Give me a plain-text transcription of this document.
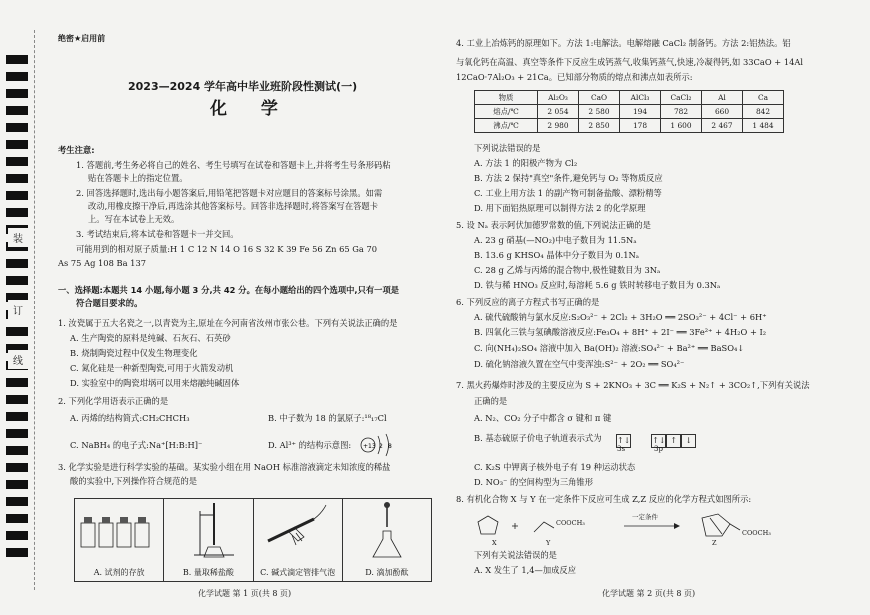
装
订
线
绝密★启用前
2023—2024 学年高中毕业班阶段性测试(一)
化 学
考生注意:
1. 答题前,考生务必将自己的姓名、考生号填写在试卷和答题卡上,并将考生号条形码粘
贴在答题卡上的指定位置。
2. 回答选择题时,选出每小题答案后,用铅笔把答题卡对应题目的答案标号涂黑。如需
改动,用橡皮擦干净后,再选涂其他答案标号。回答非选择题时,将答案写在答题卡
上。写在本试卷上无效。
3. 考试结束后,将本试卷和答题卡一并交回。
可能用到的相对原子质量:H 1 C 12 N 14 O 16 S 32 K 39 Fe 56 Zn 65 Ga 70
As 75 Ag 108 Ba 137
一、选择题:本题共 14 小题,每小题 3 分,共 42 分。在每小题给出的四个选项中,只有一项是
符合题目要求的。
1. 汝瓷属于五大名瓷之一,以青瓷为主,原址在今河南省汝州市张公巷。下列有关说法正确的是
A. 生产陶瓷的原料是纯碱、石灰石、石英砂
B. 烧制陶瓷过程中仅发生物理变化
C. 氮化硅是一种新型陶瓷,可用于火箭发动机
D. 实验室中的陶瓷坩埚可以用来熔融纯碱固体
2. 下列化学用语表示正确的是
A. 丙烯的结构简式:CH₂CHCH₃	B. 中子数为 18 的氯原子:¹⁸₁₇Cl
C. NaBH₄ 的电子式:Na⁺[H:B:H]⁻	D. Al³⁺ 的结构示意图: +13 2 8
3. 化学实验是进行科学实验的基础。某实验小组在用 NaOH 标准溶液滴定未知浓度的稀盐
酸的实验中,下列操作符合规范的是
A. 试剂的存放	B. 量取稀盐酸	C. 碱式滴定管排气泡	D. 滴加酚酞
化学试题 第 1 页(共 8 页)
4. 工业上冶炼钙的原理如下。方法 1:电解法。电解熔融 CaCl₂ 制备钙。方法 2:铝热法。铝
与氧化钙在高温、真空等条件下反应生成钙蒸气,收集钙蒸气,快速,冷凝得钙,如 33CaO + 14Al
12CaO·7Al₂O₃ + 21Ca。已知部分物质的熔点和沸点如表所示:
物质	Al₂O₃	CaO	AlCl₃	CaCl₂	Al	Ca
熔点/℃	2 054	2 580	194	782	660	842
沸点/℃	2 980	2 850	178	1 600	2 467	1 484
下列说法错误的是
A. 方法 1 的阳极产物为 Cl₂
B. 方法 2 保持"真空"条件,避免钙与 O₂ 等物质反应
C. 工业上用方法 1 的副产物可制备盐酸、漂粉精等
D. 用下面铝热原理可以制得方法 2 的化学原理
5. 设 Nₐ 表示阿伏加德罗常数的值,下列说法正确的是
A. 23 g 硝基(—NO₂)中电子数目为 11.5Nₐ
B. 13.6 g KHSO₄ 晶体中分子数目为 0.1Nₐ
C. 28 g 乙烯与丙烯的混合物中,极性键数目为 3Nₐ
D. 铁与稀 HNO₃ 反应时,每溶耗 5.6 g 铁时转移电子数目为 0.3Nₐ
6. 下列反应的离子方程式书写正确的是
A. 硫代硫酸钠与氯水反应:S₂O₃²⁻ + 2Cl₂ + 3H₂O ══ 2SO₃²⁻ + 4Cl⁻ + 6H⁺
B. 四氧化三铁与氢碘酸溶液反应:Fe₃O₄ + 8H⁺ + 2I⁻ ══ 3Fe²⁺ + 4H₂O + I₂
C. 向(NH₄)₂SO₄ 溶液中加入 Ba(OH)₂ 溶液:SO₄²⁻ + Ba²⁺ ══ BaSO₄↓
D. 硫化钠溶液久置在空气中变浑浊:S²⁻ + 2O₂ ══ SO₄²⁻
7. 黑火药爆炸时涉及的主要反应为 S + 2KNO₃ + 3C ══ K₂S + N₂↑ + 3CO₂↑,下列有关说法
正确的是
A. N₂、CO₂ 分子中都含 σ 键和 π 键
B. 基态硫原子价电子轨道表示式为 ↑↓	↑↓ ↑ ↓
3s	3p
C. K₂S 中钾离子核外电子有 19 种运动状态
D. NO₃⁻ 的空间构型为三角锥形
8. 有机化合物 X 与 Y 在一定条件下反应可生成 Z,Z 反应的化学方程式如图所示:
X	Y
COOCH₃
一定条件
Z
COOCH₃
下列有关说法错误的是
A. X 发生了 1,4—加成反应
化学试题 第 2 页(共 8 页)
